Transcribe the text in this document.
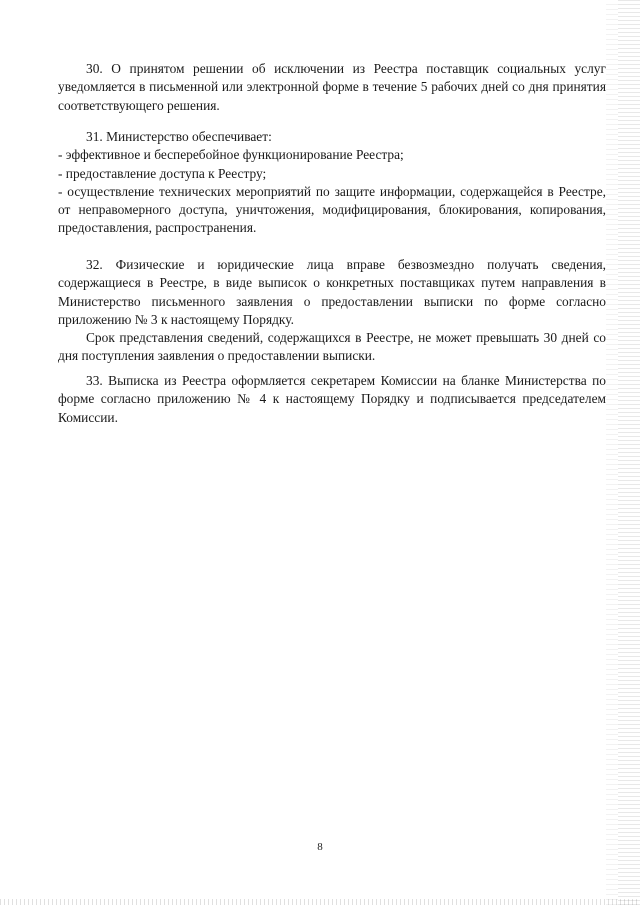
30. О принятом решении об исключении из Реестра поставщик социальных услуг уведомляется в письменной или электронной форме в течение 5 рабочих дней со дня принятия соответствующего решения.

31. Министерство обеспечивает:

- эффективное и бесперебойное функционирование Реестра;

- предоставление доступа к Реестру;

- осуществление технических мероприятий по защите информации, содержащейся в Реестре, от неправомерного доступа, уничтожения, модифицирования, блокирования, копирования, предоставления, распространения.

32. Физические и юридические лица вправе безвозмездно получать сведения, содержащиеся в Реестре, в виде выписок о конкретных поставщиках путем направления в Министерство письменного заявления о предоставлении выписки по форме согласно приложению № 3 к настоящему Порядку.

Срок представления сведений, содержащихся в Реестре, не может превышать 30 дней со дня поступления заявления о предоставлении выписки.

33. Выписка из Реестра оформляется секретарем Комиссии на бланке Министерства по форме согласно приложению № 4 к настоящему Порядку и подписывается председателем Комиссии.

8
